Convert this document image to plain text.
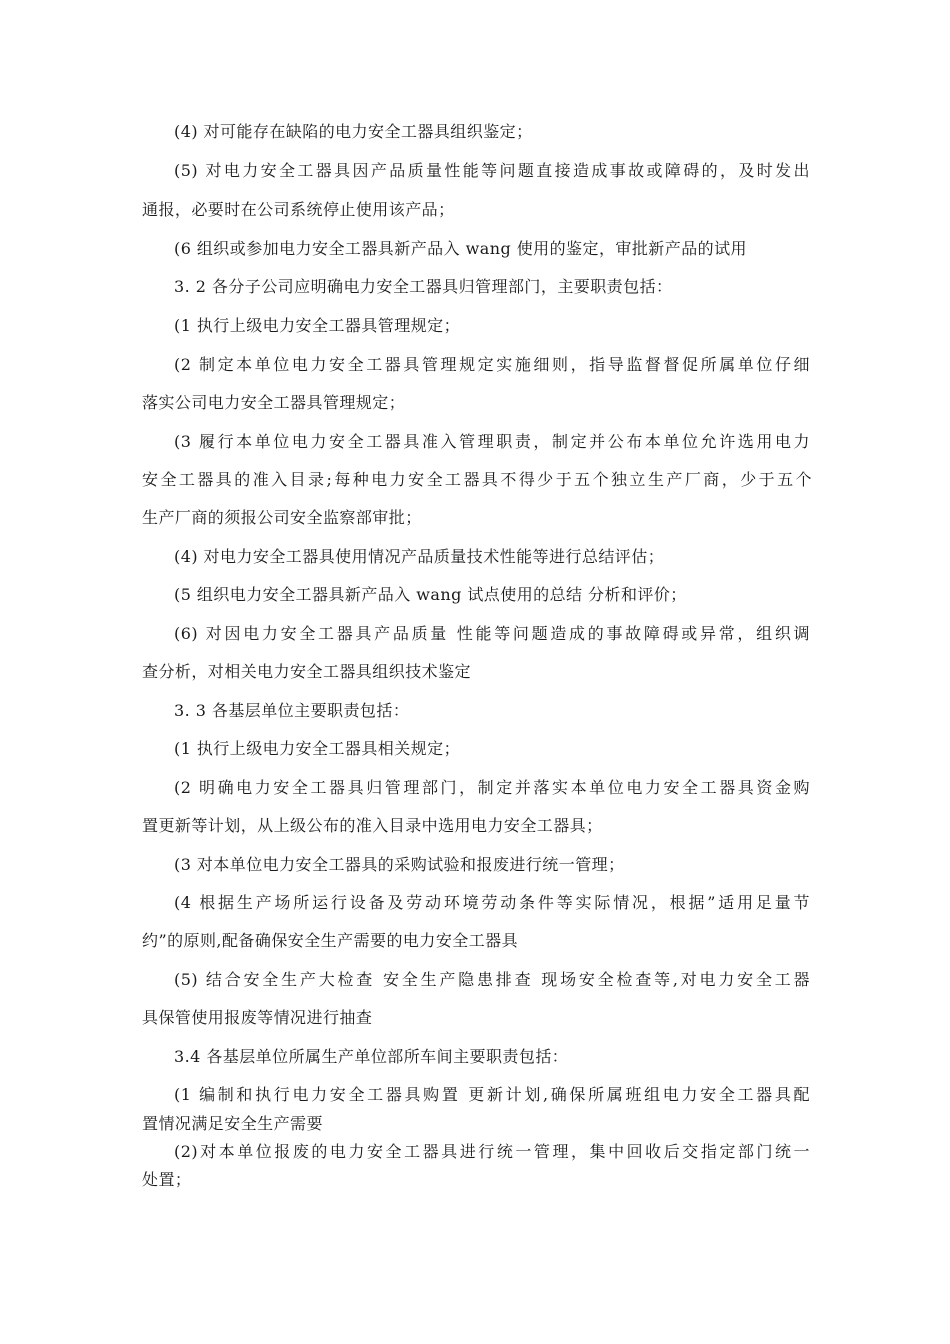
(4) 对可能存在缺陷的电力安全工器具组织鉴定；

(5) 对电力安全工器具因产品质量性能等问题直接造成事故或障碍的，及时发出

通报，必要时在公司系统停止使用该产品；

(6 组织或参加电力安全工器具新产品入 wang 使用的鉴定，审批新产品的试用

3. 2 各分子公司应明确电力安全工器具归管理部门，主要职责包括：

(1 执行上级电力安全工器具管理规定；

(2 制定本单位电力安全工器具管理规定实施细则，指导监督督促所属单位仔细

落实公司电力安全工器具管理规定；

(3 履行本单位电力安全工器具准入管理职责，制定并公布本单位允许选用电力

安全工器具的准入目录;每种电力安全工器具不得少于五个独立生产厂商，少于五个

生产厂商的须报公司安全监察部审批；

(4) 对电力安全工器具使用情况产品质量技术性能等进行总结评估；

(5 组织电力安全工器具新产品入 wang 试点使用的总结 分析和评价；

(6) 对因电力安全工器具产品质量 性能等问题造成的事故障碍或异常，组织调

查分析，对相关电力安全工器具组织技术鉴定

3. 3 各基层单位主要职责包括：

(1 执行上级电力安全工器具相关规定；

(2 明确电力安全工器具归管理部门，制定并落实本单位电力安全工器具资金购

置更新等计划，从上级公布的准入目录中选用电力安全工器具；

(3 对本单位电力安全工器具的采购试验和报废进行统一管理；

(4 根据生产场所运行设备及劳动环境劳动条件等实际情况，根据”适用足量节

约”的原则,配备确保安全生产需要的电力安全工器具

(5) 结合安全生产大检查 安全生产隐患排查 现场安全检查等,对电力安全工器

具保管使用报废等情况进行抽查

3.4 各基层单位所属生产单位部所车间主要职责包括：

(1 编制和执行电力安全工器具购置 更新计划,确保所属班组电力安全工器具配

置情况满足安全生产需要

(2)对本单位报废的电力安全工器具进行统一管理，集中回收后交指定部门统一

处置；
